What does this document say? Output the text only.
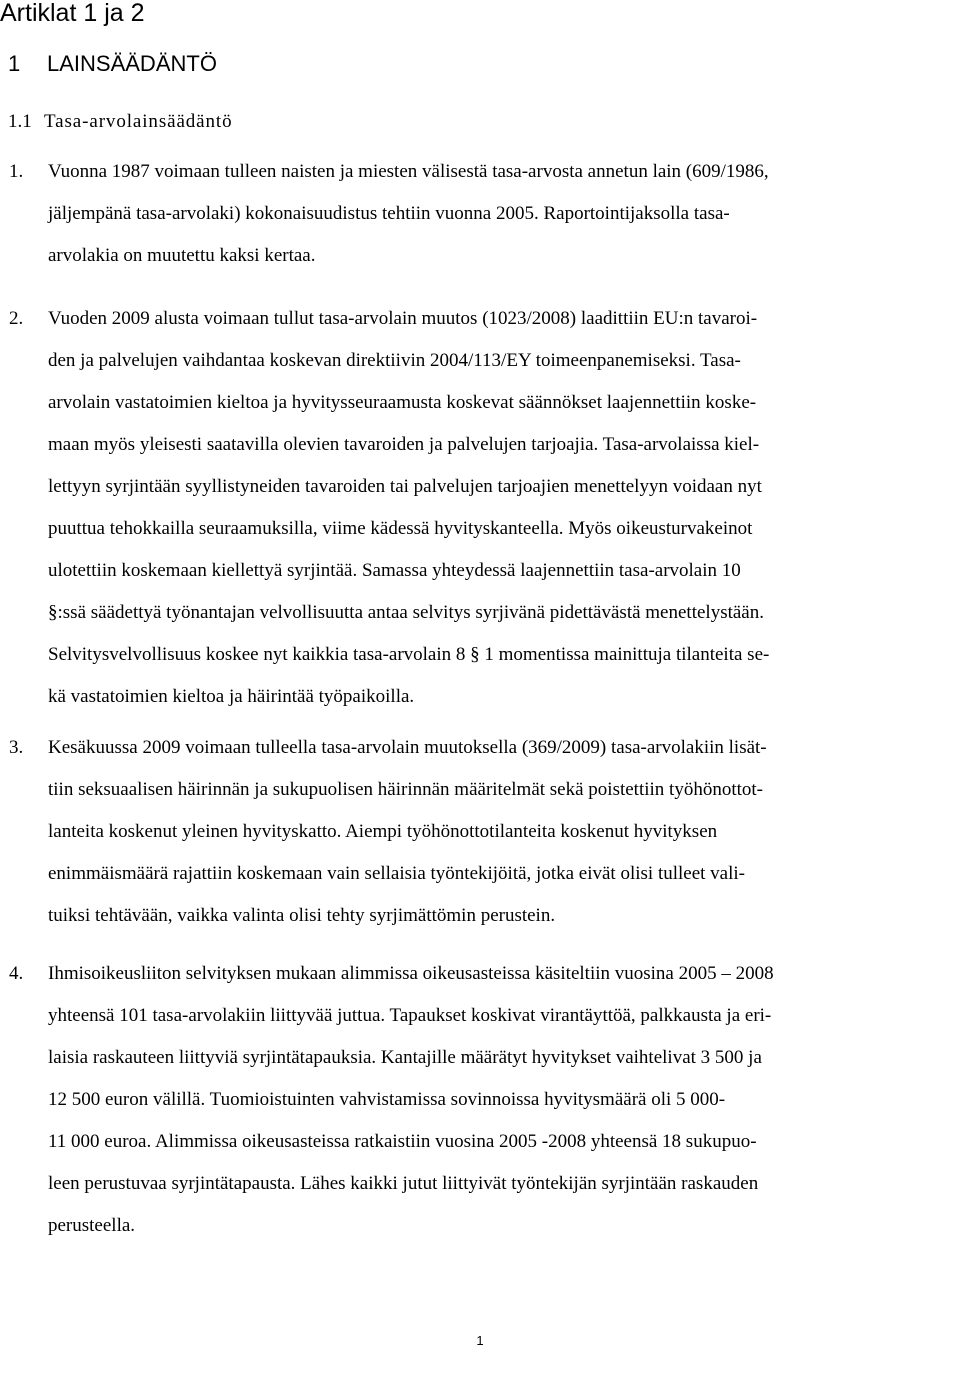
Artiklat 1 ja 2
1 LAINSÄÄDÄNTÖ
1.1 Tasa-arvolainsäädäntö
1. Vuonna 1987 voimaan tulleen naisten ja miesten välisestä tasa-arvosta annetun lain (609/1986,
jäljempänä tasa-arvolaki) kokonaisuudistus tehtiin vuonna 2005. Raportointijaksolla tasa-
arvolakia on muutettu kaksi kertaa.
2. Vuoden 2009 alusta voimaan tullut tasa-arvolain muutos (1023/2008) laadittiin EU:n tavaroi-
den ja palvelujen vaihdantaa koskevan direktiivin 2004/113/EY toimeenpanemiseksi. Tasa-
arvolain vastatoimien kieltoa ja hyvitysseuraamusta koskevat säännökset laajennettiin koske-
maan myös yleisesti saatavilla olevien tavaroiden ja palvelujen tarjoajia. Tasa-arvolaissa kiel-
lettyyn syrjintään syyllistyneiden tavaroiden tai palvelujen tarjoajien menettelyyn voidaan nyt
puuttua tehokkailla seuraamuksilla, viime kädessä hyvityskanteella. Myös oikeusturvakeinot
ulotettiin koskemaan kiellettyä syrjintää. Samassa yhteydessä laajennettiin tasa-arvolain 10
§:ssä säädettyä työnantajan velvollisuutta antaa selvitys syrjivänä pidettävästä menettelystään.
Selvitysvelvollisuus koskee nyt kaikkia tasa-arvolain 8 § 1 momentissa mainittuja tilanteita se-
kä vastatoimien kieltoa ja häirintää työpaikoilla.
3. Kesäkuussa 2009 voimaan tulleella tasa-arvolain muutoksella (369/2009) tasa-arvolakiin lisät-
tiin seksuaalisen häirinnän ja sukupuolisen häirinnän määritelmät sekä poistettiin työhönottot-
lanteita koskenut yleinen hyvityskatto. Aiempi työhönottotilanteita koskenut hyvityksen
enimmäismäärä rajattiin koskemaan vain sellaisia työntekijöitä, jotka eivät olisi tulleet vali-
tuiksi tehtävään, vaikka valinta olisi tehty syrjimättömin perustein.
4. Ihmisoikeusliiton selvityksen mukaan alimmissa oikeusasteissa käsiteltiin vuosina 2005 – 2008
yhteensä 101 tasa-arvolakiin liittyvää juttua. Tapaukset koskivat virantäyttöä, palkkausta ja eri-
laisia raskauteen liittyviä syrjintätapauksia. Kantajille määrätyt hyvitykset vaihtelivat 3 500 ja
12 500 euron välillä. Tuomioistuinten vahvistamissa sovinnoissa hyvitysmäärä oli 5 000-
11 000 euroa. Alimmissa oikeusasteissa ratkaistiin vuosina 2005 -2008 yhteensä 18 sukupuo-
leen perustuvaa syrjintätapausta. Lähes kaikki jutut liittyivät työntekijän syrjintään raskauden
perusteella.
1
